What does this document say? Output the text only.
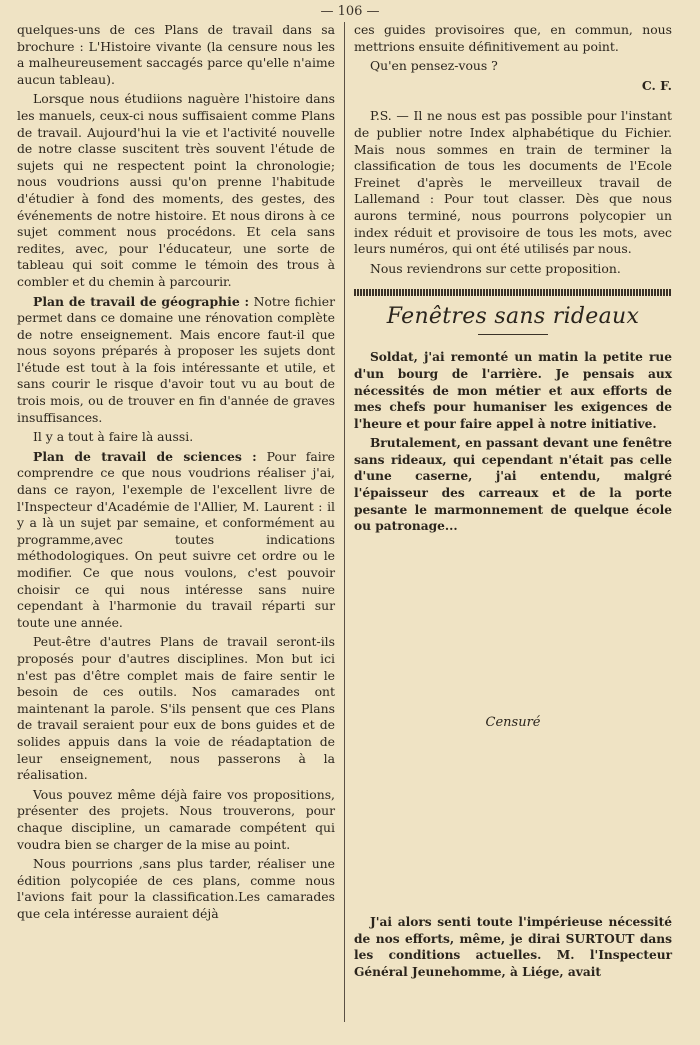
— 106 —

quelques-uns de ces Plans de travail dans sa brochure : L'Histoire vivante (la censure nous les a malheureusement saccagés parce qu'elle n'aime aucun tableau).

Lorsque nous étudiions naguère l'histoire dans les manuels, ceux-ci nous suffisaient comme Plans de travail. Aujourd'hui la vie et l'activité nouvelle de notre classe suscitent très souvent l'étude de sujets qui ne respectent point la chronologie; nous voudrions aussi qu'on prenne l'habitude d'étudier à fond des moments, des gestes, des événements de notre histoire. Et nous dirons à ce sujet comment nous procédons. Et cela sans redites, avec, pour l'éducateur, une sorte de tableau qui soit comme le témoin des trous à combler et du chemin à parcourir.

Plan de travail de géographie : Notre fichier permet dans ce domaine une rénovation complète de notre enseignement. Mais encore faut-il que nous soyons préparés à proposer les sujets dont l'étude est tout à la fois intéressante et utile, et sans courir le risque d'avoir tout vu au bout de trois mois, ou de trouver en fin d'année de graves insuffisances.

Il y a tout à faire là aussi.

Plan de travail de sciences : Pour faire comprendre ce que nous voudrions réaliser j'ai, dans ce rayon, l'exemple de l'excellent livre de l'Inspecteur d'Académie de l'Allier, M. Laurent : il y a là un sujet par semaine, et conformément au programme,avec toutes indications méthodologiques. On peut suivre cet ordre ou le modifier. Ce que nous voulons, c'est pouvoir choisir ce qui nous intéresse sans nuire cependant à l'harmonie du travail réparti sur toute une année.

Peut-être d'autres Plans de travail seront-ils proposés pour d'autres disciplines. Mon but ici n'est pas d'être complet mais de faire sentir le besoin de ces outils. Nos camarades ont maintenant la parole. S'ils pensent que ces Plans de travail seraient pour eux de bons guides et de solides appuis dans la voie de réadaptation de leur enseignement, nous passerons à la réalisation.

Vous pouvez même déjà faire vos propositions, présenter des projets. Nous trouverons, pour chaque discipline, un camarade compétent qui voudra bien se charger de la mise au point.

Nous pourrions ,sans plus tarder, réaliser une édition polycopiée de ces plans, comme nous l'avions fait pour la classification.Les camarades que cela intéresse auraient déjà

ces guides provisoires que, en commun, nous mettrions ensuite définitivement au point.

Qu'en pensez-vous ?

C. F.

P.S. — Il ne nous est pas possible pour l'instant de publier notre Index alphabétique du Fichier. Mais nous sommes en train de terminer la classification de tous les documents de l'Ecole Freinet d'après le merveilleux travail de Lallemand : Pour tout classer. Dès que nous aurons terminé, nous pourrons polycopier un index réduit et provisoire de tous les mots, avec leurs numéros, qui ont été utilisés par nous.

Nous reviendrons sur cette proposition.

Fenêtres sans rideaux

Soldat, j'ai remonté un matin la petite rue d'un bourg de l'arrière. Je pensais aux nécessités de mon métier et aux efforts de mes chefs pour humaniser les exigences de l'heure et pour faire appel à notre initiative.

Brutalement, en passant devant une fenêtre sans rideaux, qui cependant n'était pas celle d'une caserne, j'ai entendu, malgré l'épaisseur des carreaux et de la porte pesante le marmonnement de quelque école ou patronage...

Censuré

J'ai alors senti toute l'impérieuse nécessité de nos efforts, même, je dirai SURTOUT dans les conditions actuelles. M. l'Inspecteur Général Jeunehomme, à Liége, avait
